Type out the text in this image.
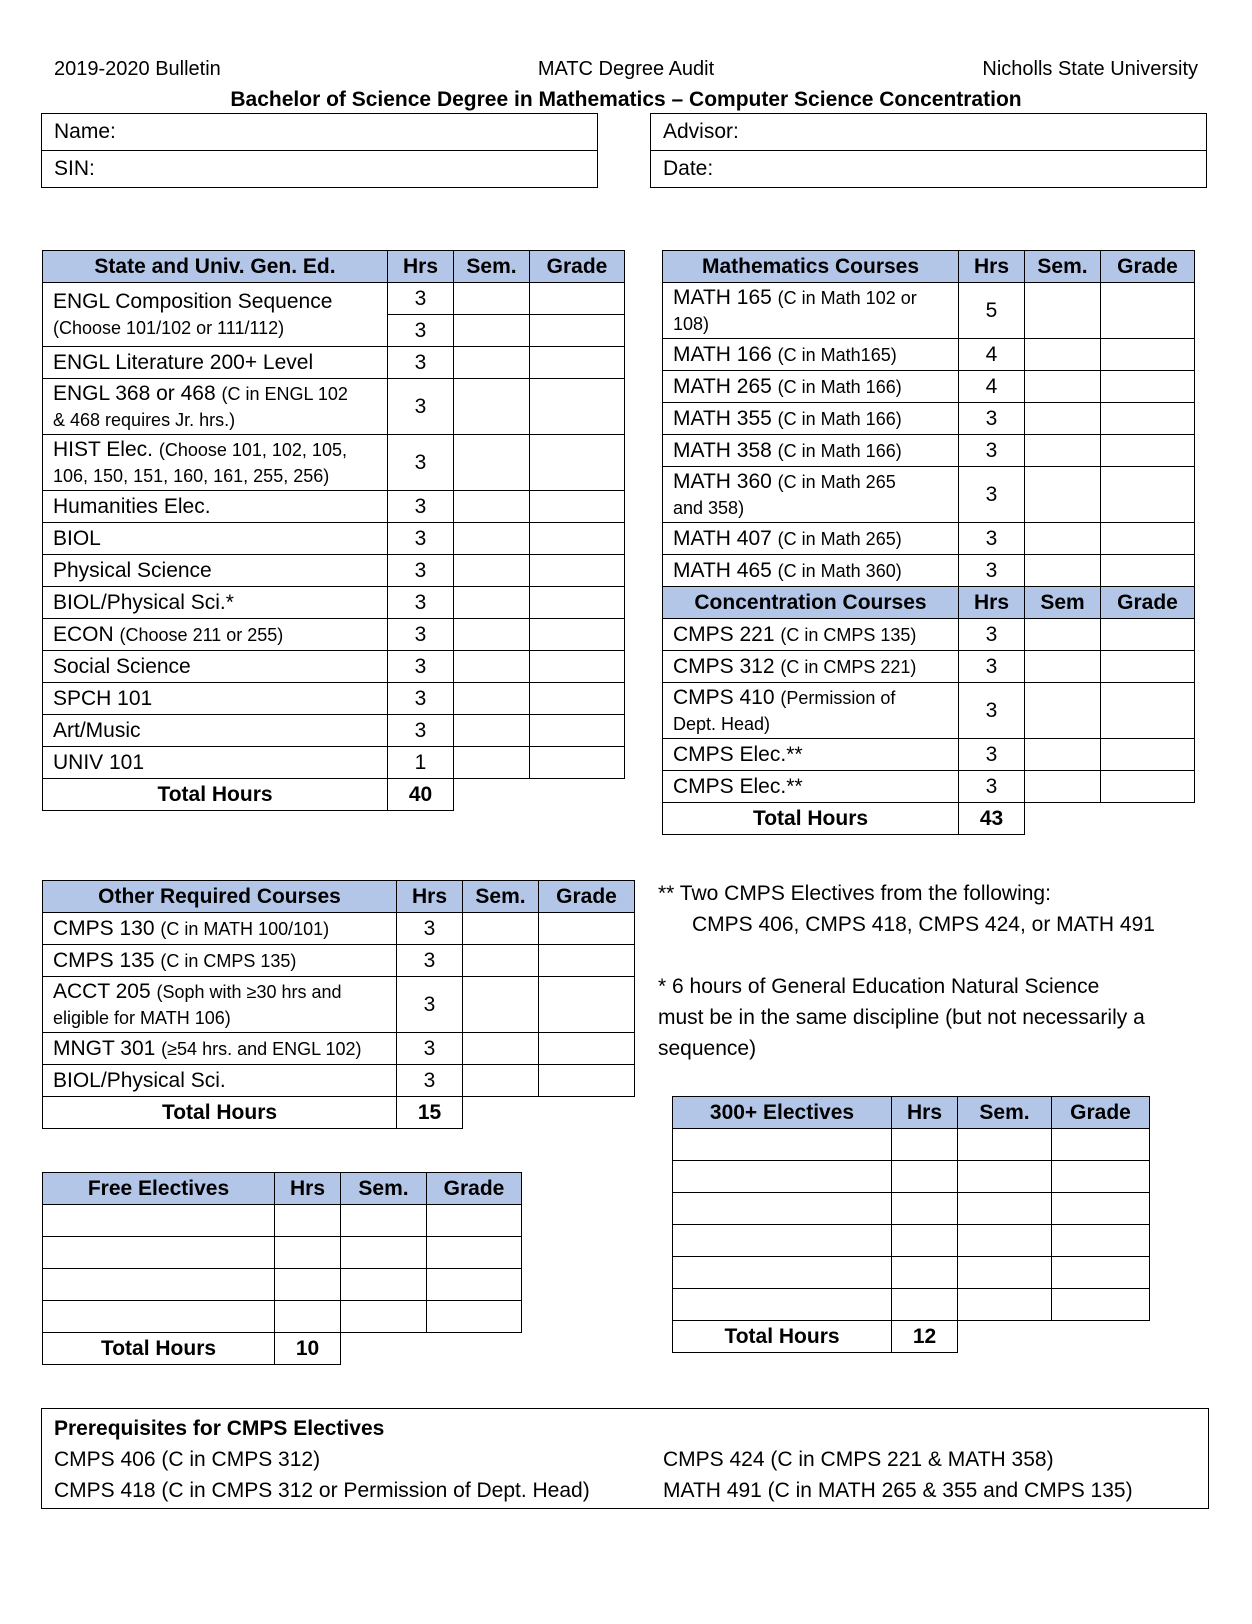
2019-2020 Bulletin	MATC Degree Audit	Nicholls State University
Bachelor of Science Degree in Mathematics – Computer Science Concentration
Name:
SIN:
Advisor:
Date:
State and Univ. Gen. Ed.	Hrs	Sem.	Grade
ENGL Composition Sequence
(Choose 101/102 or 111/112)	3		
	3		
ENGL Literature 200+ Level	3		
ENGL 368 or 468 (C in ENGL 102
& 468 requires Jr. hrs.)	3		
HIST Elec. (Choose 101, 102, 105,
106, 150, 151, 160, 161, 255, 256)	3		
Humanities Elec.	3		
BIOL	3		
Physical Science	3		
BIOL/Physical Sci.*	3		
ECON (Choose 211 or 255)	3		
Social Science	3		
SPCH 101	3		
Art/Music	3		
UNIV 101	1		
Total Hours	40		
Mathematics Courses	Hrs	Sem.	Grade
MATH 165 (C in Math 102 or
108)	5		
MATH 166 (C in Math165)	4		
MATH 265 (C in Math 166)	4		
MATH 355 (C in Math 166)	3		
MATH 358 (C in Math 166)	3		
MATH 360 (C in Math 265
and 358)	3		
MATH 407 (C in Math 265)	3		
MATH 465 (C in Math 360)	3		
Concentration Courses	Hrs	Sem	Grade
CMPS 221 (C in CMPS 135)	3		
CMPS 312 (C in CMPS 221)	3		
CMPS 410 (Permission of
Dept. Head)	3		
CMPS Elec.**	3		
CMPS Elec.**	3		
Total Hours	43		
Other Required Courses	Hrs	Sem.	Grade
CMPS 130 (C in MATH 100/101)	3		
CMPS 135 (C in CMPS 135)	3		
ACCT 205 (Soph with ≥30 hrs and
eligible for MATH 106)	3		
MNGT 301 (≥54 hrs. and ENGL 102)	3		
BIOL/Physical Sci.	3		
Total Hours	15		
** Two CMPS Electives from the following:
CMPS 406, CMPS 418, CMPS 424, or MATH 491
* 6 hours of General Education Natural Science
must be in the same discipline (but not necessarily a
sequence)
Free Electives	Hrs	Sem.	Grade

Total Hours	10		
300+ Electives	Hrs	Sem.	Grade

Total Hours	12		
Prerequisites for CMPS Electives
CMPS 406 (C in CMPS 312)
CMPS 418 (C in CMPS 312 or Permission of Dept. Head)
CMPS 424 (C in CMPS 221 & MATH 358)
MATH 491 (C in MATH 265 & 355 and CMPS 135)
